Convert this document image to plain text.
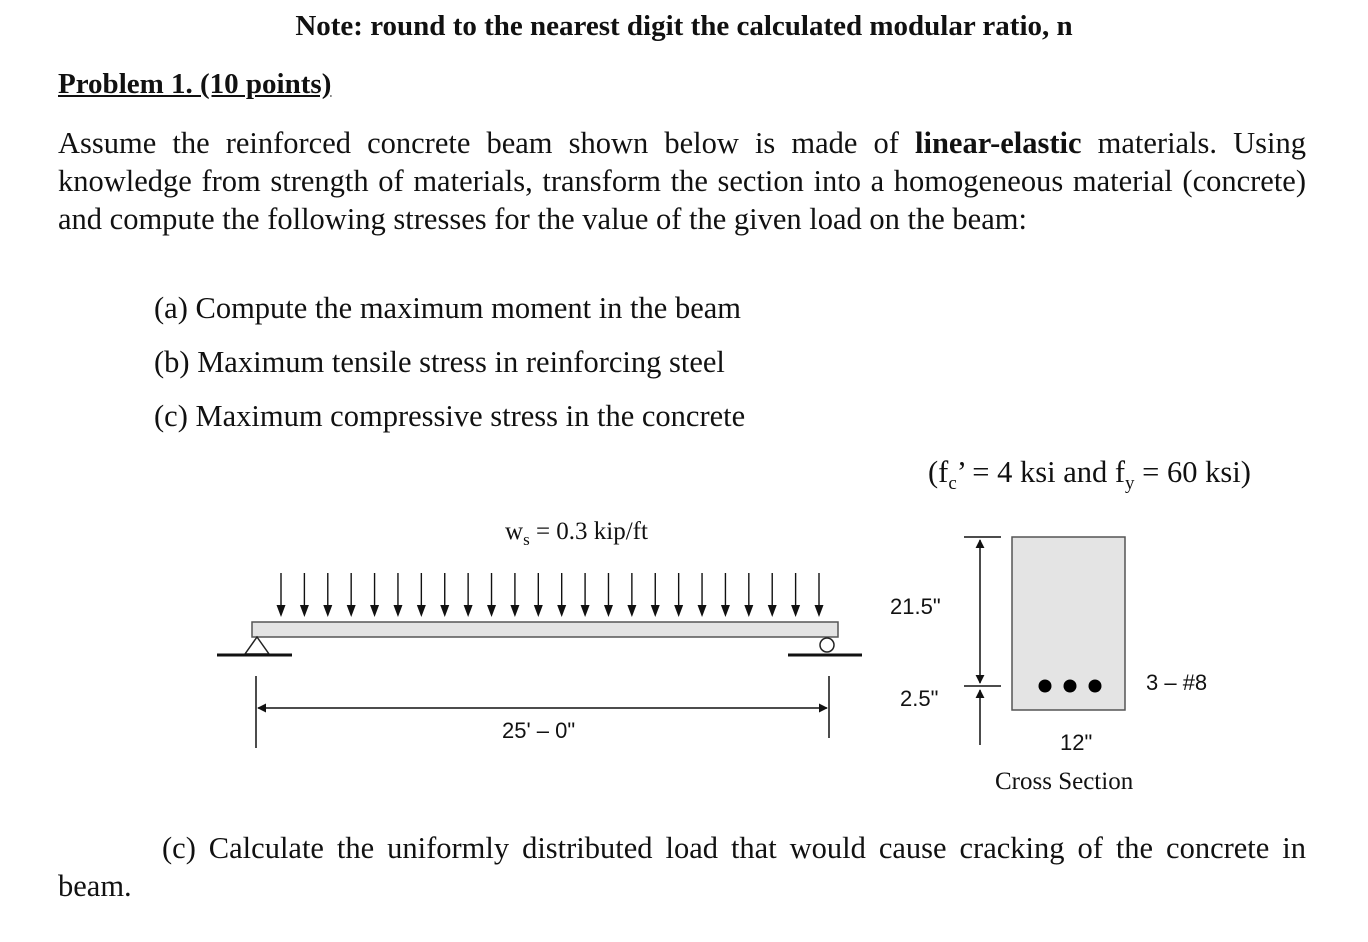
Note: round to the nearest digit the calculated modular ratio, n
Problem 1. (10 points)
Assume the reinforced concrete beam shown below is made of linear-elastic materials. Using knowledge from strength of materials, transform the section into a homogeneous material (concrete) and compute the following stresses for the value of the given load on the beam:
(a) Compute the maximum moment in the beam
(b) Maximum tensile stress in reinforcing steel
(c) Maximum compressive stress in the concrete
($f_c$’ = 4 ksi and $f_y = 60$ ksi)
$w_s = 0.3$ kip/ft
25' – 0"
21.5"
2.5"
3 – #8
12"
Cross Section
(c) Calculate the uniformly distributed load that would cause cracking of the concrete in beam.
